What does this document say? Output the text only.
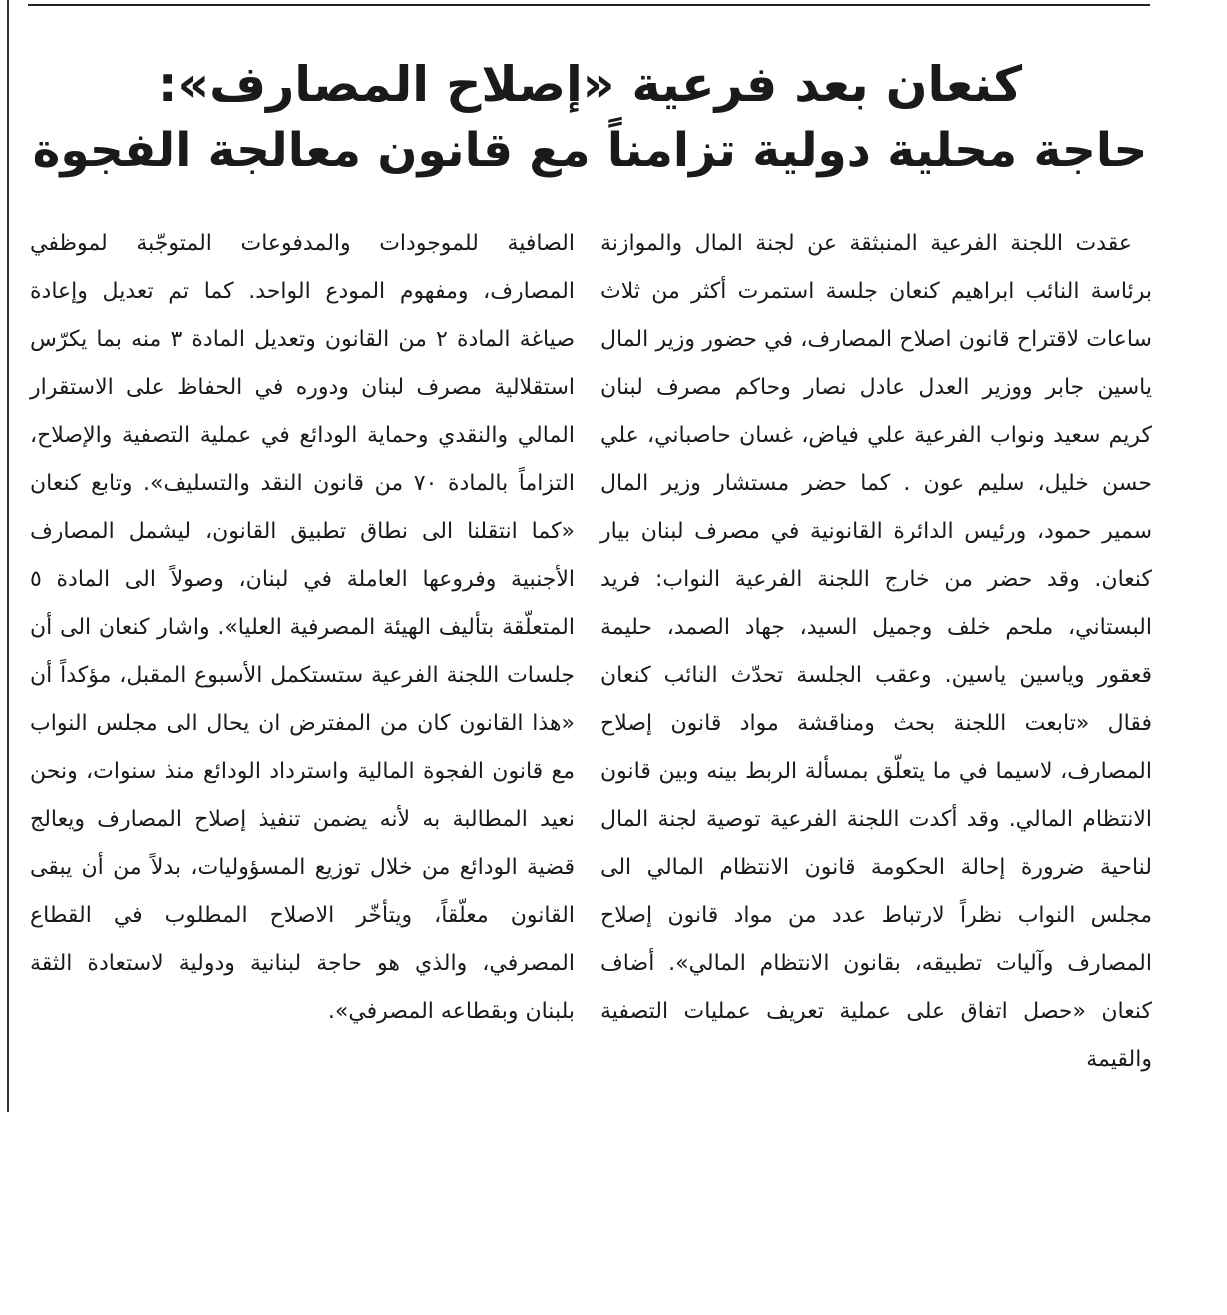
كنعان بعد فرعية «إصلاح المصارف»:
حاجة محلية دولية تزامناً مع قانون معالجة الفجوة

عقدت اللجنة الفرعية المنبثقة عن لجنة المال والموازنة برئاسة النائب ابراهيم كنعان جلسة استمرت أكثر من ثلاث ساعات لاقتراح قانون اصلاح المصارف، في حضور وزير المال ياسين جابر ووزير العدل عادل نصار وحاكم مصرف لبنان كريم سعيد ونواب الفرعية علي فياض، غسان حاصباني، علي حسن خليل، سليم عون . كما حضر مستشار وزير المال سمير حمود، ورئيس الدائرة القانونية في مصرف لبنان بيار كنعان. وقد حضر من خارج اللجنة الفرعية النواب: فريد البستاني، ملحم خلف وجميل السيد، جهاد الصمد، حليمة قعقور وياسين ياسين. وعقب الجلسة تحدّث النائب كنعان فقال «تابعت اللجنة بحث ومناقشة مواد قانون إصلاح المصارف، لاسيما في ما يتعلّق بمسألة الربط بينه وبين قانون الانتظام المالي. وقد أكدت اللجنة الفرعية توصية لجنة المال لناحية ضرورة إحالة الحكومة قانون الانتظام المالي الى مجلس النواب نظراً لارتباط عدد من مواد قانون إصلاح المصارف وآليات تطبيقه، بقانون الانتظام المالي». أضاف كنعان «حصل اتفاق على عملية تعريف عمليات التصفية والقيمة

الصافية للموجودات والمدفوعات المتوجّبة لموظفي المصارف، ومفهوم المودع الواحد. كما تم تعديل وإعادة صياغة المادة ٢ من القانون وتعديل المادة ٣ منه بما يكرّس استقلالية مصرف لبنان ودوره في الحفاظ على الاستقرار المالي والنقدي وحماية الودائع في عملية التصفية والإصلاح، التزاماً بالمادة ٧٠ من قانون النقد والتسليف». وتابع كنعان «كما انتقلنا الى نطاق تطبيق القانون، ليشمل المصارف الأجنبية وفروعها العاملة في لبنان، وصولاً الى المادة ٥ المتعلّقة بتأليف الهيئة المصرفية العليا». واشار كنعان الى أن جلسات اللجنة الفرعية ستستكمل الأسبوع المقبل، مؤكداً أن «هذا القانون كان من المفترض ان يحال الى مجلس النواب مع قانون الفجوة المالية واسترداد الودائع منذ سنوات، ونحن نعيد المطالبة به لأنه يضمن تنفيذ إصلاح المصارف ويعالج قضية الودائع من خلال توزيع المسؤوليات، بدلاً من أن يبقى القانون معلّقاً، ويتأخّر الاصلاح المطلوب في القطاع المصرفي، والذي هو حاجة لبنانية ودولية لاستعادة الثقة بلبنان وبقطاعه المصرفي».
